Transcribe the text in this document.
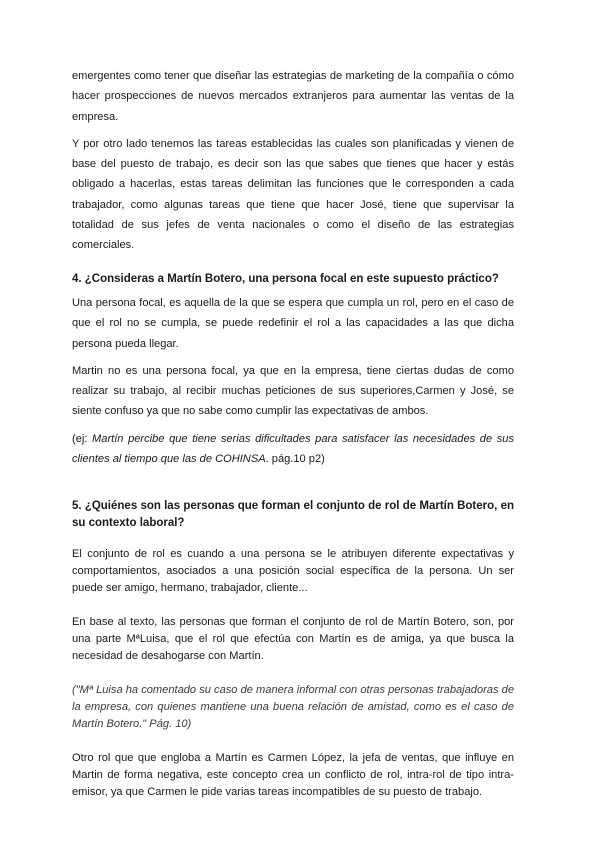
emergentes como tener que diseñar las estrategias de marketing de la compañía o cómo hacer prospecciones de nuevos mercados extranjeros para aumentar las ventas de la empresa.

Y por otro lado tenemos las tareas establecidas las cuales son planificadas y vienen de base del puesto de trabajo, es decir son las que sabes que tienes que hacer y estás obligado a hacerlas, estas tareas delimitan las funciones que le corresponden a cada trabajador, como algunas tareas que tiene que hacer José, tiene que supervisar la totalidad de sus jefes de venta nacionales o como el diseño de las estrategias comerciales.

4. ¿Consideras a Martín Botero, una persona focal en este supuesto práctico?

Una persona focal, es aquella de la que se espera que cumpla un rol, pero en el caso de que el rol no se cumpla, se puede redefinir el rol a las capacidades a las que dicha persona pueda llegar.

Martin no es una persona focal, ya que en la empresa, tiene ciertas dudas de como realizar su trabajo, al recibir muchas peticiones de sus superiores,Carmen y José, se siente confuso ya que no sabe como cumplir las expectativas de ambos.

(ej: Martín percibe que tiene serias dificultades para satisfacer las necesidades de sus clientes al tiempo que las de COHINSA. pág.10 p2)

5. ¿Quiénes son las personas que forman el conjunto de rol de Martín Botero, en su contexto laboral?

El conjunto de rol es cuando a una persona se le atribuyen diferente expectativas y comportamientos, asociados a una posición social específica de la persona. Un ser puede ser amigo, hermano, trabajador, cliente...

En base al texto, las personas que forman el conjunto de rol de Martín Botero, son, por una parte MªLuisa, que el rol que efectúa con Martín es de amiga, ya que busca la necesidad de desahogarse con Martín.

("Mª Luisa ha comentado su caso de manera informal con otras personas trabajadoras de la empresa, con quienes mantiene una buena relación de amistad, como es el caso de Martín Botero." Pág. 10)

Otro rol que que engloba a Martín es Carmen López, la jefa de ventas, que influye en Martin de forma negativa, este concepto crea un conflicto de rol, intra-rol de tipo intra-emisor, ya que Carmen le pide varias tareas incompatibles de su puesto de trabajo.
